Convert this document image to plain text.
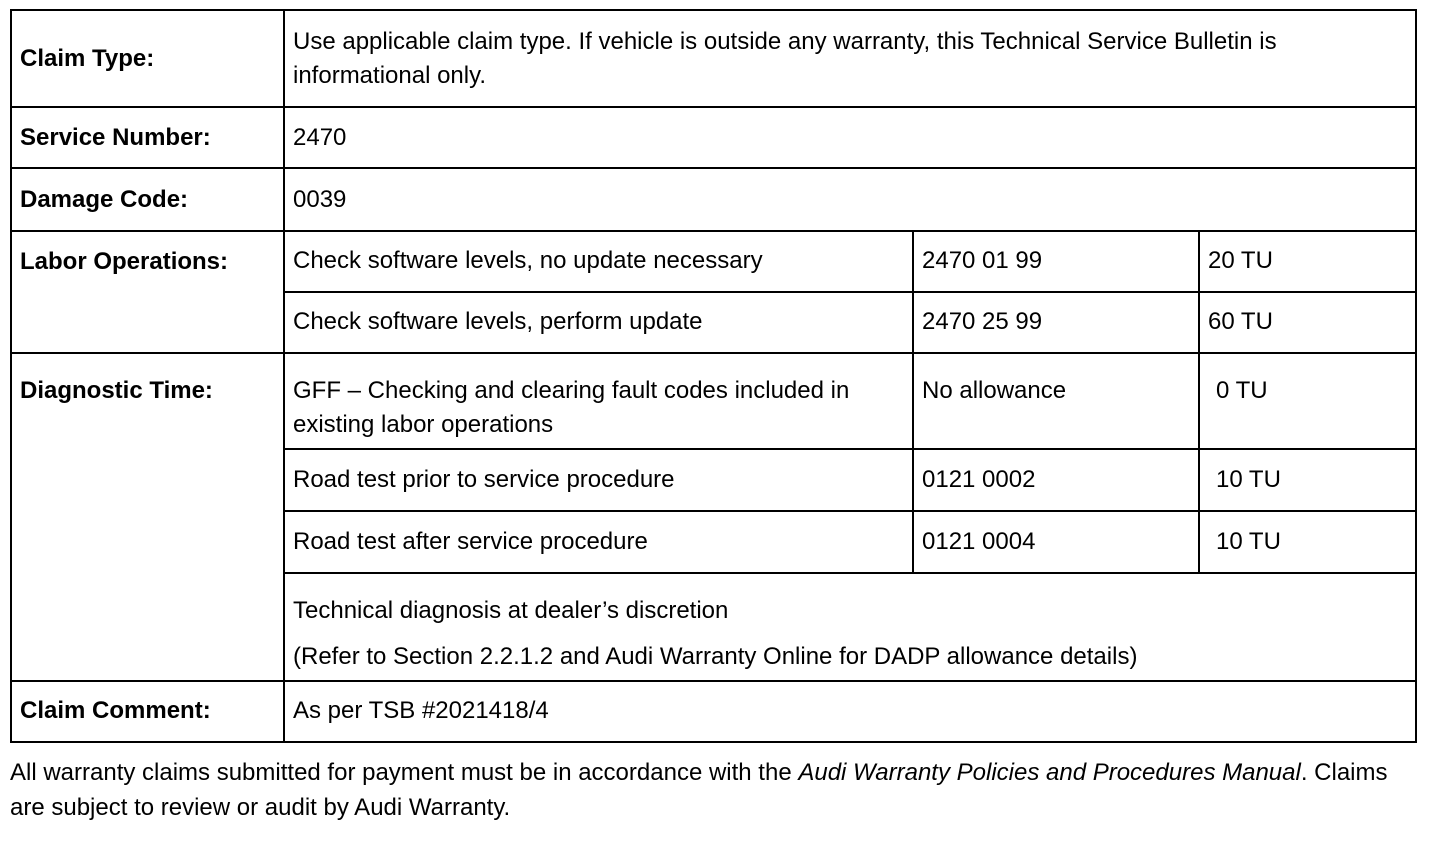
Claim Type:	Use applicable claim type. If vehicle is outside any warranty, this Technical Service Bulletin is informational only.		
Service Number:	2470		
Damage Code:	0039		
Labor Operations:	Check software levels, no update necessary	2470 01 99	20 TU
	Check software levels, perform update	2470 25 99	60 TU
Diagnostic Time:	GFF – Checking and clearing fault codes included in existing labor operations	No allowance	0 TU
	Road test prior to service procedure	0121 0002	10 TU
	Road test after service procedure	0121 0004	10 TU
	Technical diagnosis at dealer’s discretion
(Refer to Section 2.2.1.2 and Audi Warranty Online for DADP allowance details)		

Claim Comment:	As per TSB #2021418/4		

All warranty claims submitted for payment must be in accordance with the Audi Warranty Policies and Procedures Manual. Claims are subject to review or audit by Audi Warranty.
